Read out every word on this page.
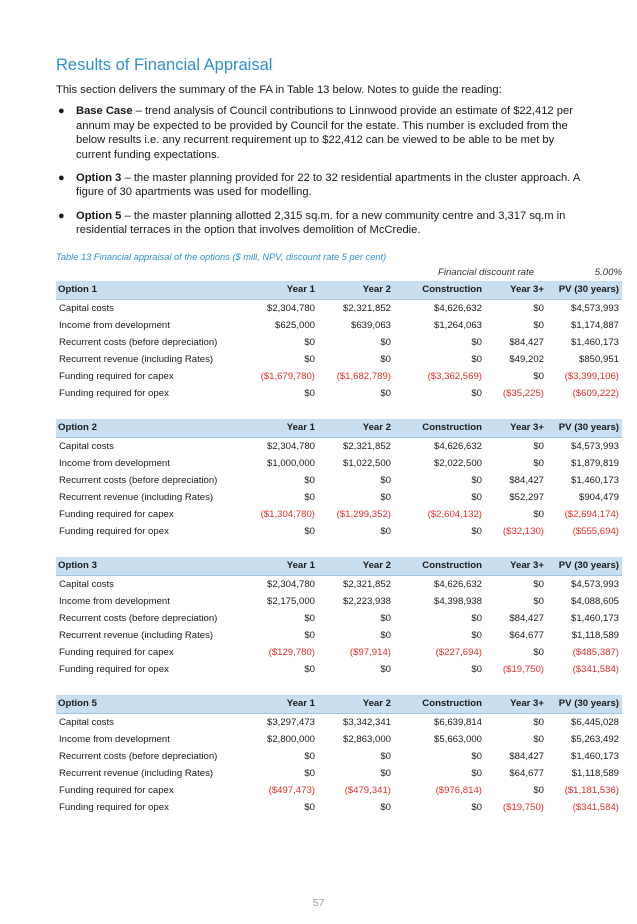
Results of Financial Appraisal
This section delivers the summary of the FA in Table 13 below. Notes to guide the reading:
● Base Case – trend analysis of Council contributions to Linnwood provide an estimate of $22,412 per annum may be expected to be provided by Council for the estate. This number is excluded from the below results i.e. any recurrent requirement up to $22,412 can be viewed to be able to be met by current funding expectations.
● Option 3 – the master planning provided for 22 to 32 residential apartments in the cluster approach. A figure of 30 apartments was used for modelling.
● Option 5 – the master planning allotted 2,315 sq.m. for a new community centre and 3,317 sq.m in residential terraces in the option that involves demolition of McCredie.
Table 13 Financial appraisal of the options ($ mill, NPV, discount rate 5 per cent)
Financial discount rate	5.00%
Option 1	Year 1	Year 2	Construction	Year 3+	PV (30 years)
Capital costs	$2,304,780	$2,321,852	$4,626,632	$0	$4,573,993
Income from development	$625,000	$639,063	$1,264,063	$0	$1,174,887
Recurrent costs (before depreciation)	$0	$0	$0	$84,427	$1,460,173
Recurrent revenue (including Rates)	$0	$0	$0	$49,202	$850,951
Funding required for capex	($1,679,780)	($1,682,789)	($3,362,569)	$0	($3,399,106)
Funding required for opex	$0	$0	$0	($35,225)	($609,222)

Option 2	Year 1	Year 2	Construction	Year 3+	PV (30 years)
Capital costs	$2,304,780	$2,321,852	$4,626,632	$0	$4,573,993
Income from development	$1,000,000	$1,022,500	$2,022,500	$0	$1,879,819
Recurrent costs (before depreciation)	$0	$0	$0	$84,427	$1,460,173
Recurrent revenue (including Rates)	$0	$0	$0	$52,297	$904,479
Funding required for capex	($1,304,780)	($1,299,352)	($2,604,132)	$0	($2,694,174)
Funding required for opex	$0	$0	$0	($32,130)	($555,694)

Option 3	Year 1	Year 2	Construction	Year 3+	PV (30 years)
Capital costs	$2,304,780	$2,321,852	$4,626,632	$0	$4,573,993
Income from development	$2,175,000	$2,223,938	$4,398,938	$0	$4,088,605
Recurrent costs (before depreciation)	$0	$0	$0	$84,427	$1,460,173
Recurrent revenue (including Rates)	$0	$0	$0	$64,677	$1,118,589
Funding required for capex	($129,780)	($97,914)	($227,694)	$0	($485,387)
Funding required for opex	$0	$0	$0	($19,750)	($341,584)

Option 5	Year 1	Year 2	Construction	Year 3+	PV (30 years)
Capital costs	$3,297,473	$3,342,341	$6,639,814	$0	$6,445,028
Income from development	$2,800,000	$2,863,000	$5,663,000	$0	$5,263,492
Recurrent costs (before depreciation)	$0	$0	$0	$84,427	$1,460,173
Recurrent revenue (including Rates)	$0	$0	$0	$64,677	$1,118,589
Funding required for capex	($497,473)	($479,341)	($976,814)	$0	($1,181,536)
Funding required for opex	$0	$0	$0	($19,750)	($341,584)
57
